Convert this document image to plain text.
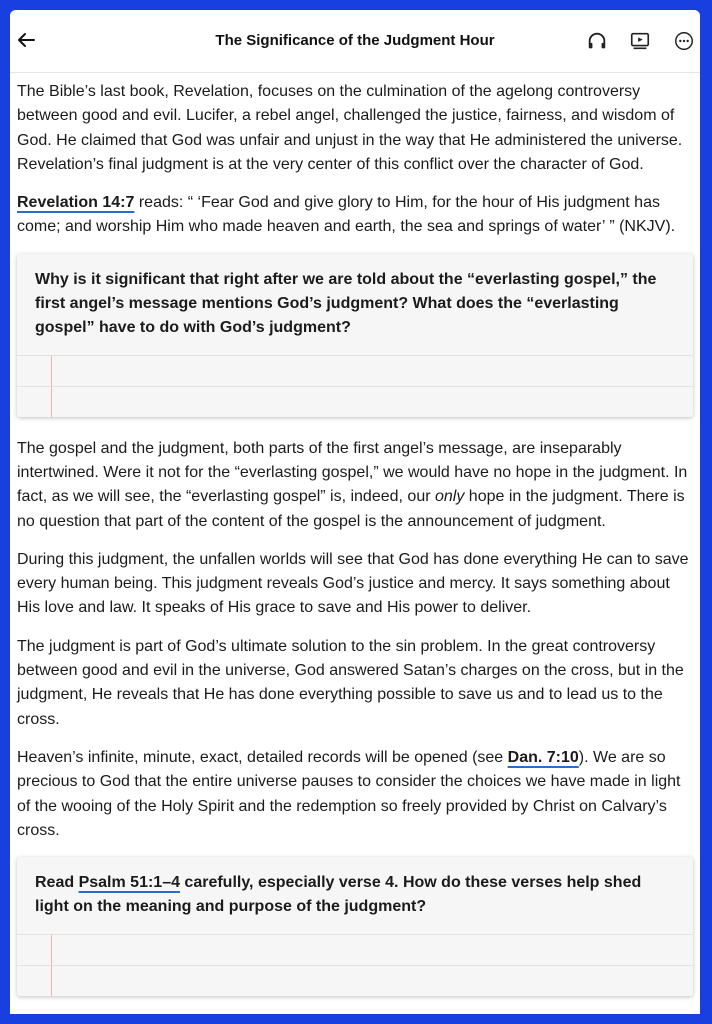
The Significance of the Judgment Hour

The Bible’s last book, Revelation, focuses on the culmination of the agelong controversy between good and evil. Lucifer, a rebel angel, challenged the justice, fairness, and wisdom of God. He claimed that God was unfair and unjust in the way that He administered the universe. Revelation’s final judgment is at the very center of this conflict over the character of God.

Revelation 14:7 reads: “ ‘Fear God and give glory to Him, for the hour of His judgment has come; and worship Him who made heaven and earth, the sea and springs of water’ ” (NKJV).

Why is it significant that right after we are told about the “everlasting gospel,” the first angel’s message mentions God’s judgment? What does the “everlasting gospel” have to do with God’s judgment?

The gospel and the judgment, both parts of the first angel’s message, are inseparably intertwined. Were it not for the “everlasting gospel,” we would have no hope in the judgment. In fact, as we will see, the “everlasting gospel” is, indeed, our only hope in the judgment. There is no question that part of the content of the gospel is the announcement of judgment.

During this judgment, the unfallen worlds will see that God has done everything He can to save every human being. This judgment reveals God’s justice and mercy. It says something about His love and law. It speaks of His grace to save and His power to deliver.

The judgment is part of God’s ultimate solution to the sin problem. In the great controversy between good and evil in the universe, God answered Satan’s charges on the cross, but in the judgment, He reveals that He has done everything possible to save us and to lead us to the cross.

Heaven’s infinite, minute, exact, detailed records will be opened (see Dan. 7:10). We are so precious to God that the entire universe pauses to consider the choices we have made in light of the wooing of the Holy Spirit and the redemption so freely provided by Christ on Calvary’s cross.

Read Psalm 51:1–4 carefully, especially verse 4. How do these verses help shed light on the meaning and purpose of the judgment?
